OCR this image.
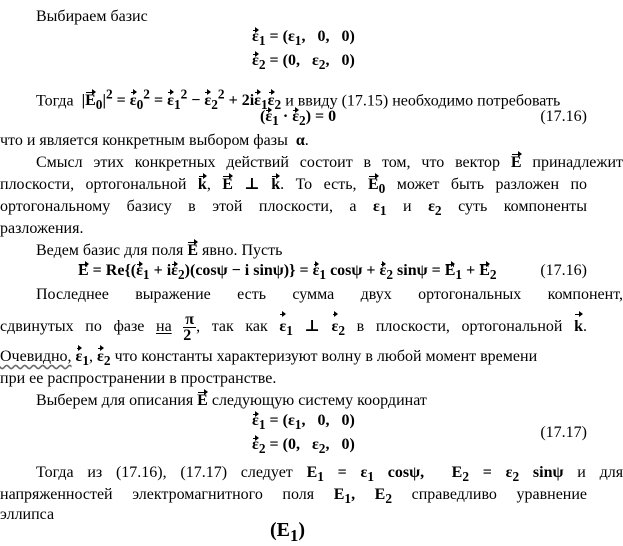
Выбираем базис
$\varepsilon_1 = (\varepsilon_1$,   0,   0)
$\varepsilon_2 = (0$,   $\varepsilon_2$,   0)
Тогда  $|E_0|^2 = \varepsilon_0^2 = \varepsilon_1^2 - \varepsilon_2^2 + 2i\varepsilon_1\varepsilon_2$ и ввиду (17.15) необходимо потребовать
$(\varepsilon_1 \cdot \varepsilon_2) = 0$	(17.16)
что и является конкретным выбором фазы  α.
Смысл этих конкретных действий состоит в том, что вектор E принадлежит
плоскости, ортогональной k, E ⊥ k. То есть, $E_0$ может быть разложен по
ортогональному базису в этой плоскости, а $\varepsilon_1$ и $\varepsilon_2$ суть компоненты
разложения.
Ведем базис для поля E явно. Пусть
$E = Re\{(\varepsilon_1 + i\varepsilon_2)(\cos\psi - i$ $\sin\psi)\} = \varepsilon_1$ $\cos\psi + \varepsilon_2$ $\sin\psi = E_1 + E_2$	(17.16)
Последнее выражение есть сумма двух ортогональных компонент,
сдвинутых по фазе на $\frac{\pi}{2}$ , так как $\varepsilon_1$ ⊥ $\varepsilon_2$ в плоскости, ортогональной k.
Очевидно, $\varepsilon_1$, $\varepsilon_2$ что константы характеризуют волну в любой момент времени
при ее распространении в пространстве.
Выберем для описания E следующую систему координат
$\varepsilon_1 = (\varepsilon_1$,   0,   0)
(17.17)
$\varepsilon_2 = (0$,   $\varepsilon_2$,   0)
Тогда из (17.16), (17.17) следует $E_1 = \varepsilon_1$ cosψ,  $E_2 = \varepsilon_2$ sinψ и для
напряженностей электромагнитного поля $E_1$, $E_2$ справедливо уравнение
эллипса
$(E_1)$
